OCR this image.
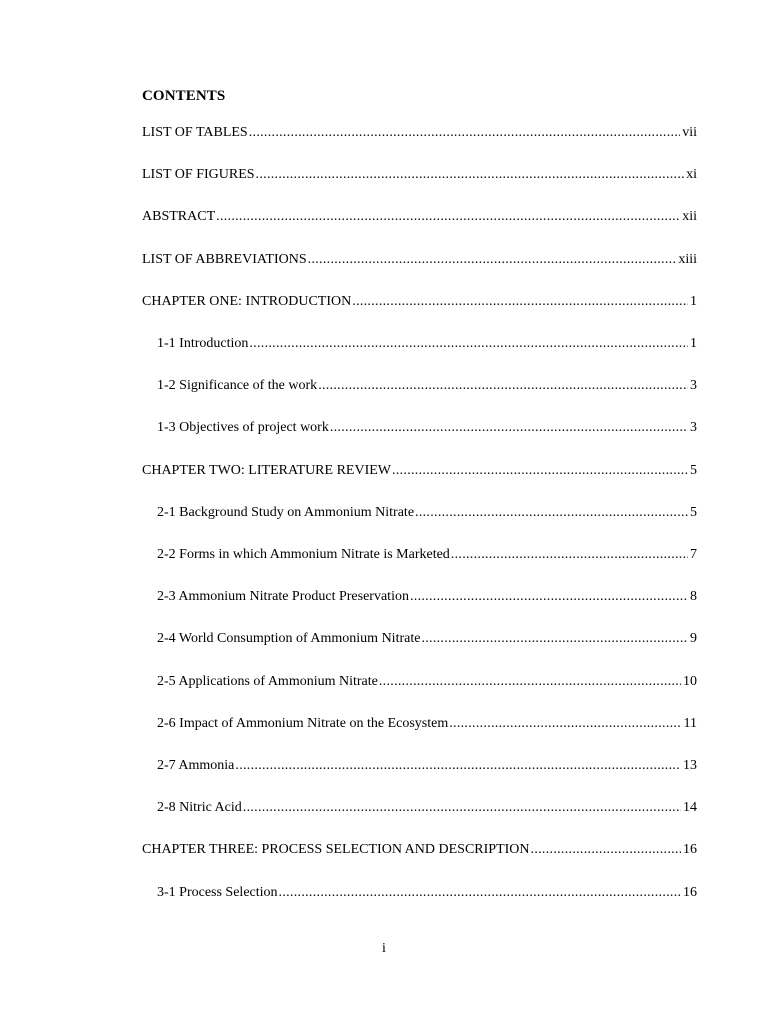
CONTENTS
LIST OF TABLES .....	vii
LIST OF FIGURES .....	xi
ABSTRACT .....	xii
LIST OF ABBREVIATIONS .....	xiii
CHAPTER ONE: INTRODUCTION .....	1
1-1 Introduction .....	1
1-2 Significance of the work .....	3
1-3 Objectives of project work .....	3
CHAPTER TWO: LITERATURE REVIEW .....	5
2-1 Background Study on Ammonium Nitrate .....	5
2-2 Forms in which Ammonium Nitrate is Marketed .....	7
2-3 Ammonium Nitrate Product Preservation .....	8
2-4 World Consumption of Ammonium Nitrate .....	9
2-5 Applications of Ammonium Nitrate .....	10
2-6 Impact of Ammonium Nitrate on the Ecosystem .....	11
2-7 Ammonia .....	13
2-8 Nitric Acid .....	14
CHAPTER THREE: PROCESS SELECTION AND DESCRIPTION .....	16
3-1 Process Selection .....	16
i
